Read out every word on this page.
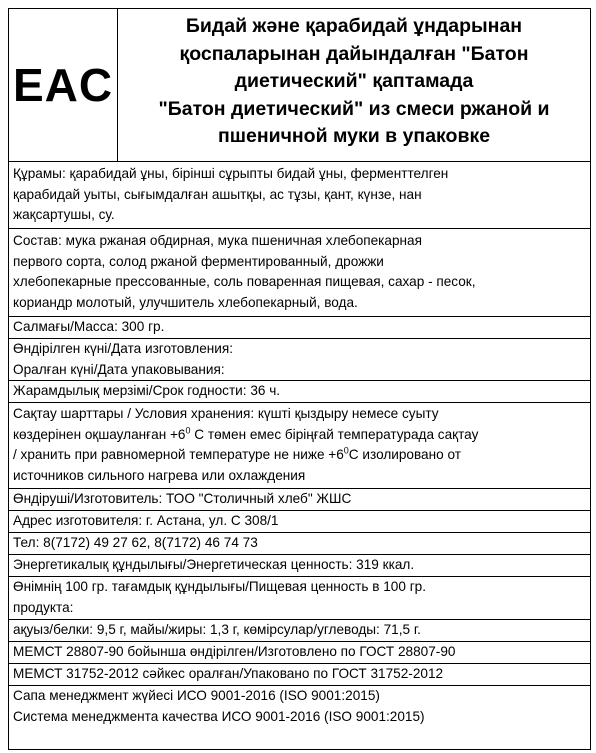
EAC
Бидай және қарабидай ұндарынан
қоспаларынан дайындалған "Батон
диетический" қаптамада
"Батон диетический" из смеси ржаной и
пшеничной муки в упаковке
Құрамы: қарабидай ұны, бірінші сұрыпты бидай ұны, ферменттелген
қарабидай уыты, сығымдалған ашытқы, ас тұзы, қант, күнзе, нан
жақсартушы, су.
Состав: мука ржаная обдирная, мука пшеничная хлебопекарная
первого сорта, солод ржаной ферментированный, дрожжи
хлебопекарные прессованные, соль поваренная пищевая, сахар - песок,
кориандр молотый, улучшитель хлебопекарный, вода.
Салмағы/Масса: 300 гр.
Өндірілген күні/Дата изготовления:
Оралған күні/Дата упаковывания:
Жарамдылық мерзімі/Срок годности: 36 ч.
Сақтау шарттары / Условия хранения: күшті қыздыру немесе суыту
көздерінен оқшауланған $+6^0$ С төмен емес біріңғай температурада сақтау
/ хранить при равномерной температуре не ниже $+6^0С$ изолировано от
источников сильного нагрева или охлаждения
Өндіруші/Изготовитель: ТОО "Столичный хлеб" ЖШС
Адрес изготовителя: г. Астана, ул. С 308/1
Тел: 8(7172) 49 27 62, 8(7172) 46 74 73
Энергетикалық құндылығы/Энергетическая ценность: 319 ккал.
Өнімнің 100 гр. тағамдық құндылығы/Пищевая ценность в 100 гр.
продукта:
ақуыз/белки: 9,5 г, майы/жиры: 1,3 г, көмірсулар/углеводы: 71,5 г.
МЕМСТ 28807-90 бойынша өндірілген/Изготовлено по ГОСТ 28807-90
МЕМСТ 31752-2012 сәйкес оралған/Упаковано по ГОСТ 31752-2012
Сапа менеджмент жүйесі ИСО 9001-2016 (ISO 9001:2015)
Система менеджмента качества ИСО 9001-2016 (ISO 9001:2015)
